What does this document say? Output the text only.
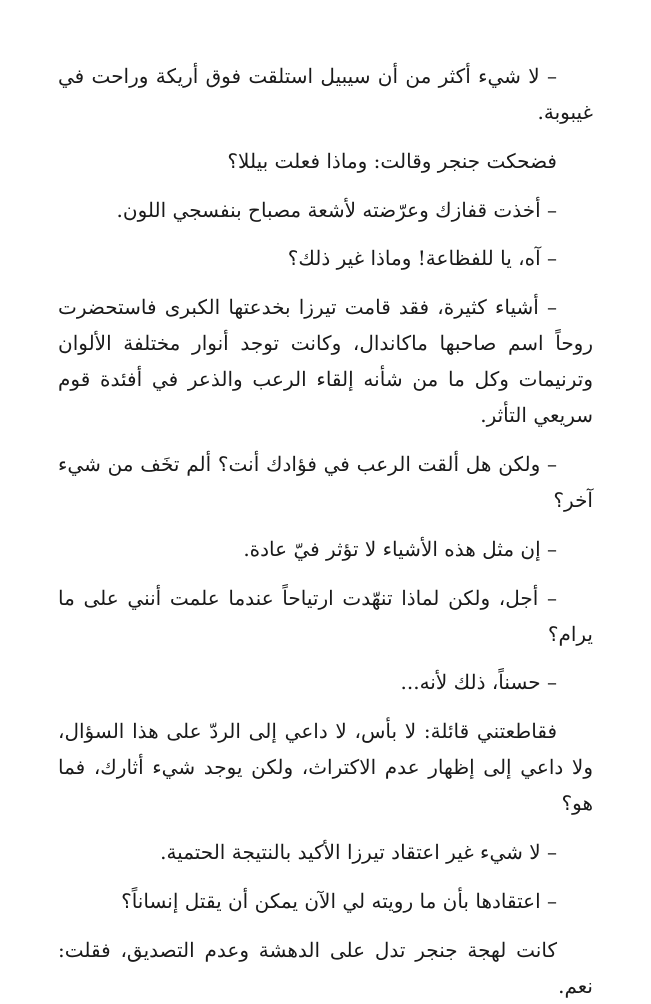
– لا شيء أكثر من أن سيبيل استلقت فوق أريكة وراحت في غيبوبة.

فضحكت جنجر وقالت: وماذا فعلت بيللا؟

– أخذت قفازك وعرّضته لأشعة مصباح بنفسجي اللون.

– آه، يا للفظاعة! وماذا غير ذلك؟

– أشياء كثيرة، فقد قامت تيرزا بخدعتها الكبرى فاستحضرت روحاً اسم صاحبها ماكاندال، وكانت توجد أنوار مختلفة الألوان وترنيمات وكل ما من شأنه إلقاء الرعب والذعر في أفئدة قوم سريعي التأثر.

– ولكن هل ألقت الرعب في فؤادك أنت؟ ألم تخَف من شيء آخر؟

– إن مثل هذه الأشياء لا تؤثر فيّ عادة.

– أجل، ولكن لماذا تنهّدت ارتياحاً عندما علمت أنني على ما يرام؟

– حسناً، ذلك لأنه...

فقاطعتني قائلة: لا بأس، لا داعي إلى الردّ على هذا السؤال، ولا داعي إلى إظهار عدم الاكتراث، ولكن يوجد شيء أثارك، فما هو؟

– لا شيء غير اعتقاد تيرزا الأكيد بالنتيجة الحتمية.

– اعتقادها بأن ما رويته لي الآن يمكن أن يقتل إنساناً؟

كانت لهجة جنجر تدل على الدهشة وعدم التصديق، فقلت: نعم.
